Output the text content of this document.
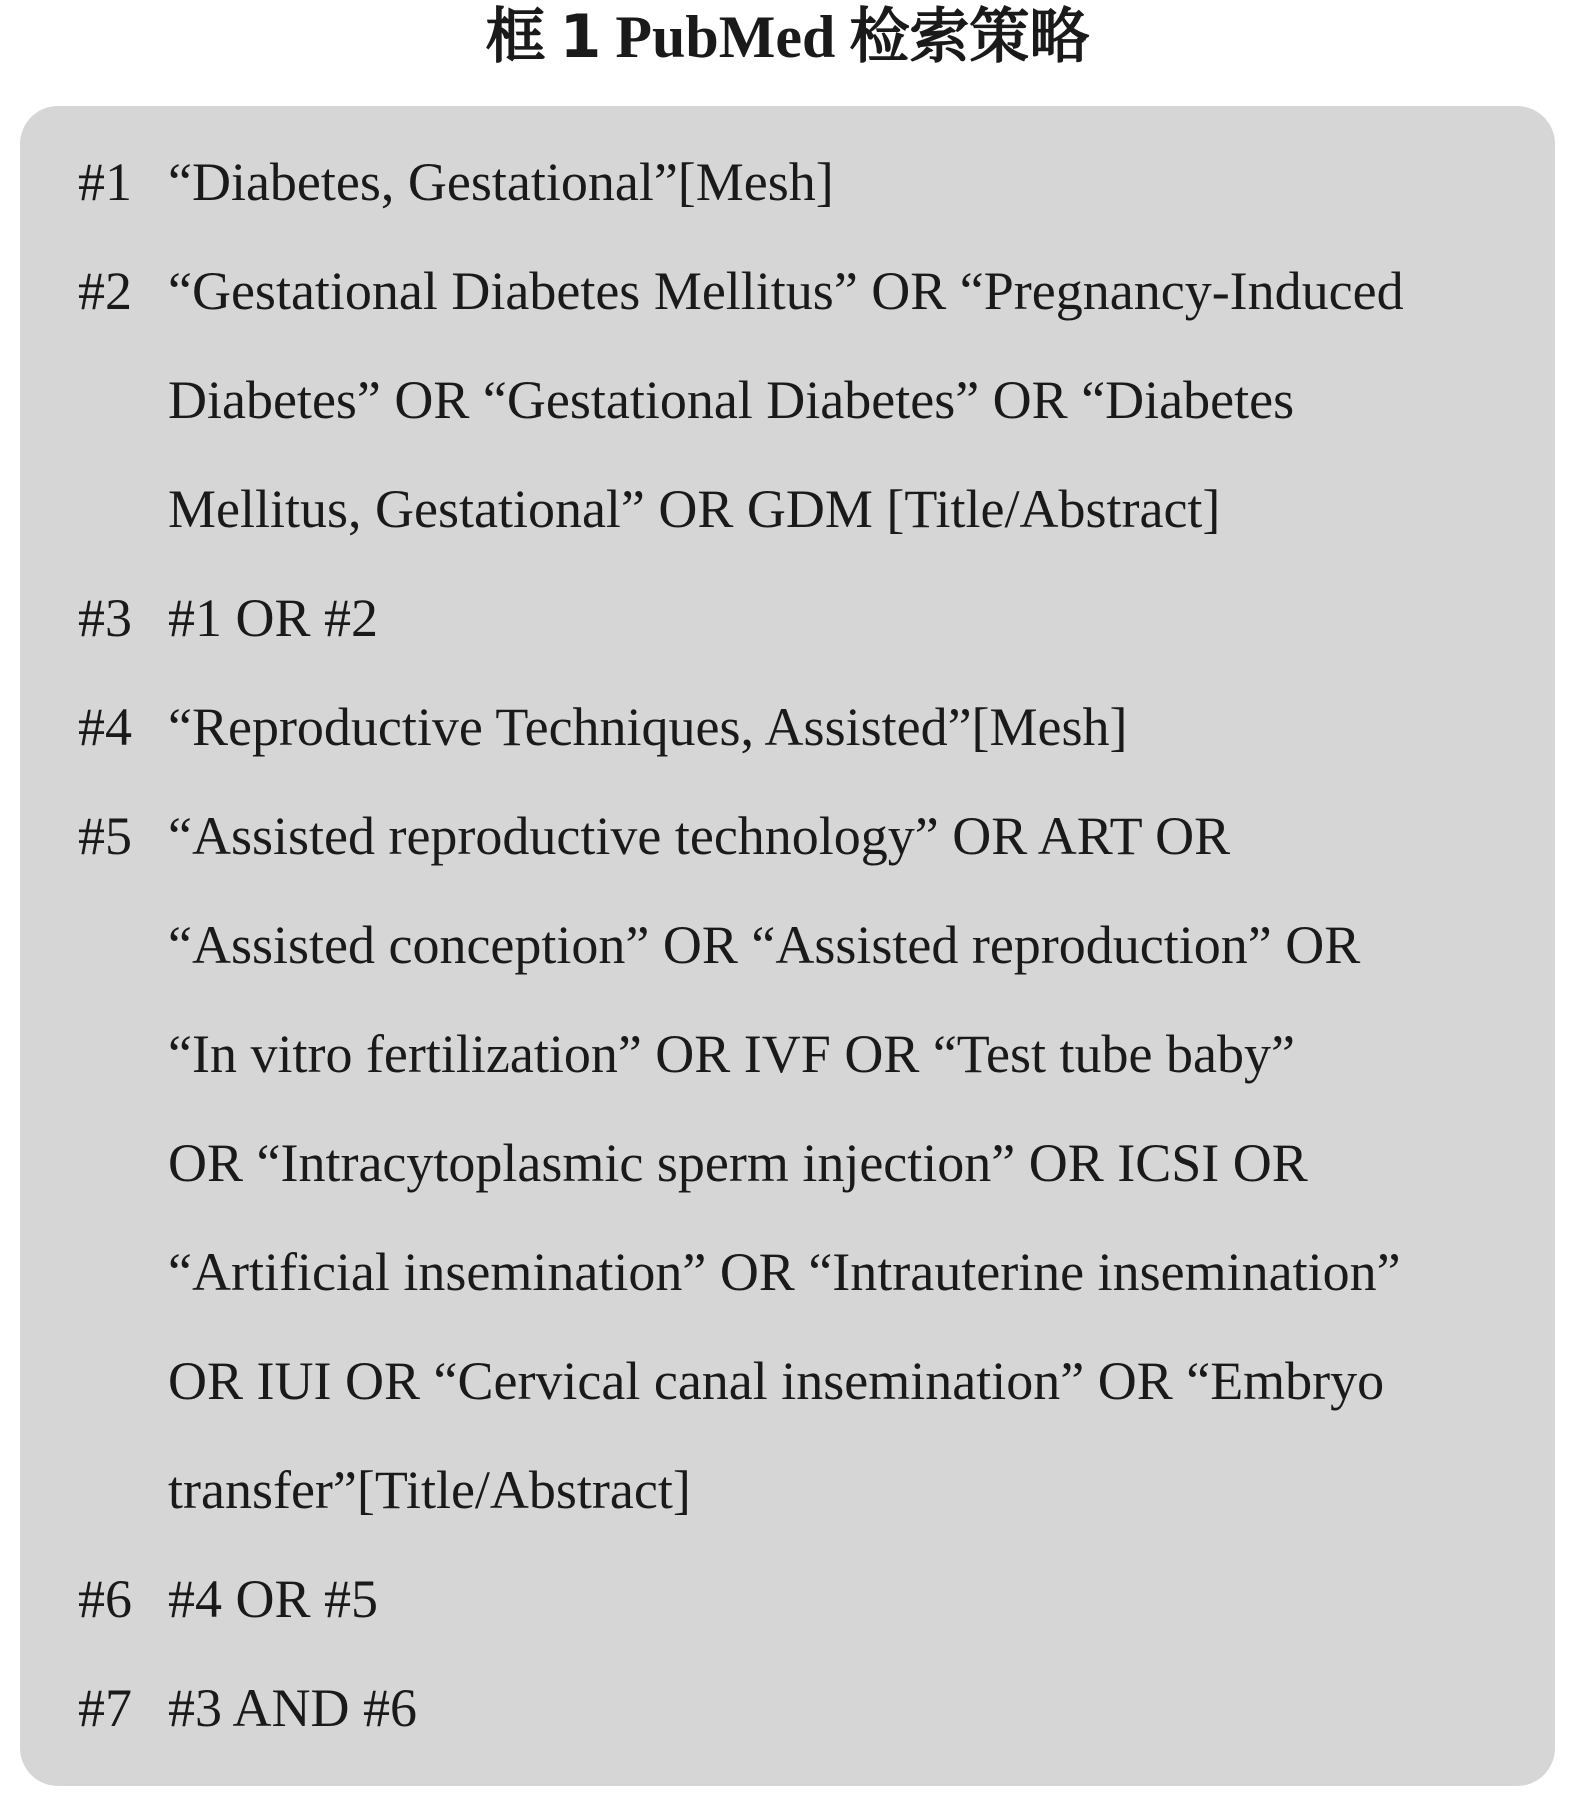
框 1 PubMed 检索策略
#1 “Diabetes, Gestational”[Mesh]
#2 “Gestational Diabetes Mellitus” OR “Pregnancy-Induced
Diabetes” OR “Gestational Diabetes” OR “Diabetes
Mellitus, Gestational” OR GDM [Title/Abstract]
#3 #1 OR #2
#4 “Reproductive Techniques, Assisted”[Mesh]
#5 “Assisted reproductive technology” OR ART OR
“Assisted conception” OR “Assisted reproduction” OR
“In vitro fertilization” OR IVF OR “Test tube baby”
OR “Intracytoplasmic sperm injection” OR ICSI OR
“Artificial insemination” OR “Intrauterine insemination”
OR IUI OR “Cervical canal insemination” OR “Embryo
transfer”[Title/Abstract]
#6 #4 OR #5
#7 #3 AND #6
